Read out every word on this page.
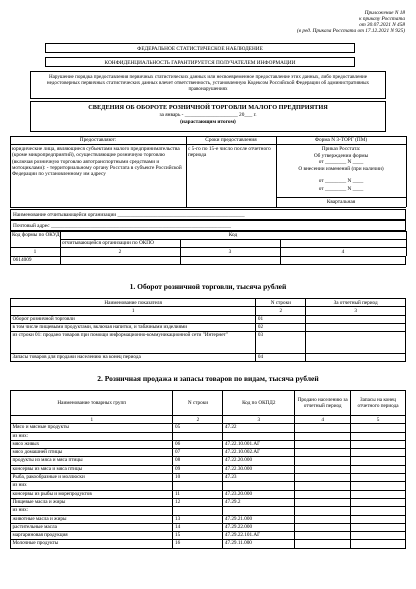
Приложение N 18
к приказу Росстата
от 30.07.2021 N 458
(в ред. Приказа Росстата от 17.12.2021 N 925)
ФЕДЕРАЛЬНОЕ СТАТИСТИЧЕСКОЕ НАБЛЮДЕНИЕ
КОНФИДЕНЦИАЛЬНОСТЬ ГАРАНТИРУЕТСЯ ПОЛУЧАТЕЛЕМ ИНФОРМАЦИИ
Нарушение порядка предоставления первичных статистических данных или несвоевременное предоставление этих данных, либо предоставление недостоверных первичных статистических данных влечет ответственность, установленную Кодексом Российской Федерации об административных правонарушениях
СВЕДЕНИЯ ОБ ОБОРОТЕ РОЗНИЧНОЙ ТОРГОВЛИ МАЛОГО ПРЕДПРИЯТИЯ
за январь - ____________________ 20___ г.
(нарастающим итогом)
Предоставляют:	Сроки предоставления	Форма N 3-ТОРГ (ПМ)
юридические лица, являющиеся субъектами малого предпринимательства (кроме микропредприятий), осуществляющие розничную торговлю (включая розничную торговлю автотранспортными средствами и мотоциклами): - территориальному органу Росстата в субъекте Российской Федерации по установленному им адресу
с 5-го по 15-е число после отчетного периода
Приказ Росстата:
Об утверждении формы
от ________ N ____
О внесении изменений (при наличии)
от ________ N ____
от ________ N ____
Квартальная
Наименование отчитывающейся организации ________________________________________________
Почтовый адрес ____________________________________________________________________
Код формы по ОКУД	Код
отчитывающейся организации по ОКПО
1	2	3	4
0614009
1. Оборот розничной торговли, тысяча рублей
Наименование показателя	N строки	За отчетный период
1	2	3
Оборот розничной торговли	01	
в том числе пищевыми продуктами, включая напитки, и табачными изделиями	02	
из строки 01: продано товаров при помощи информационно-коммуникационной сети "Интернет"	03	
Запасы товаров для продажи населению на конец периода	04	
2. Розничная продажа и запасы товаров по видам, тысяча рублей
Наименование товарных групп	N строки	Код по ОКПД2	Продано населению за отчетный период	Запасы на конец отчетного периода
1	2	3	4	5
Мясо и мясные продукты	05	47.22		
из них:				
мясо живых	06	47.22.10.001.АГ		
мясо домашней птицы	07	47.22.10.002.АГ		
продукты из мяса и мяса птицы	08	47.22.20.000		
консервы из мяса и мяса птицы	09	47.22.30.000		
Рыба, ракообразные и моллюски	10	47.23		
из них				
консервы из рыбы и морепродуктов	11	47.23.20.000		
Пищевые масла и жиры	12	47.29.2		
из них:				
животные масла и жиры	13	47.29.21.000		
растительные масла	14	47.29.22.000		
маргариновая продукция	15	47.29.22.101.АГ		
Молочные продукты	16	47.29.11.000		
